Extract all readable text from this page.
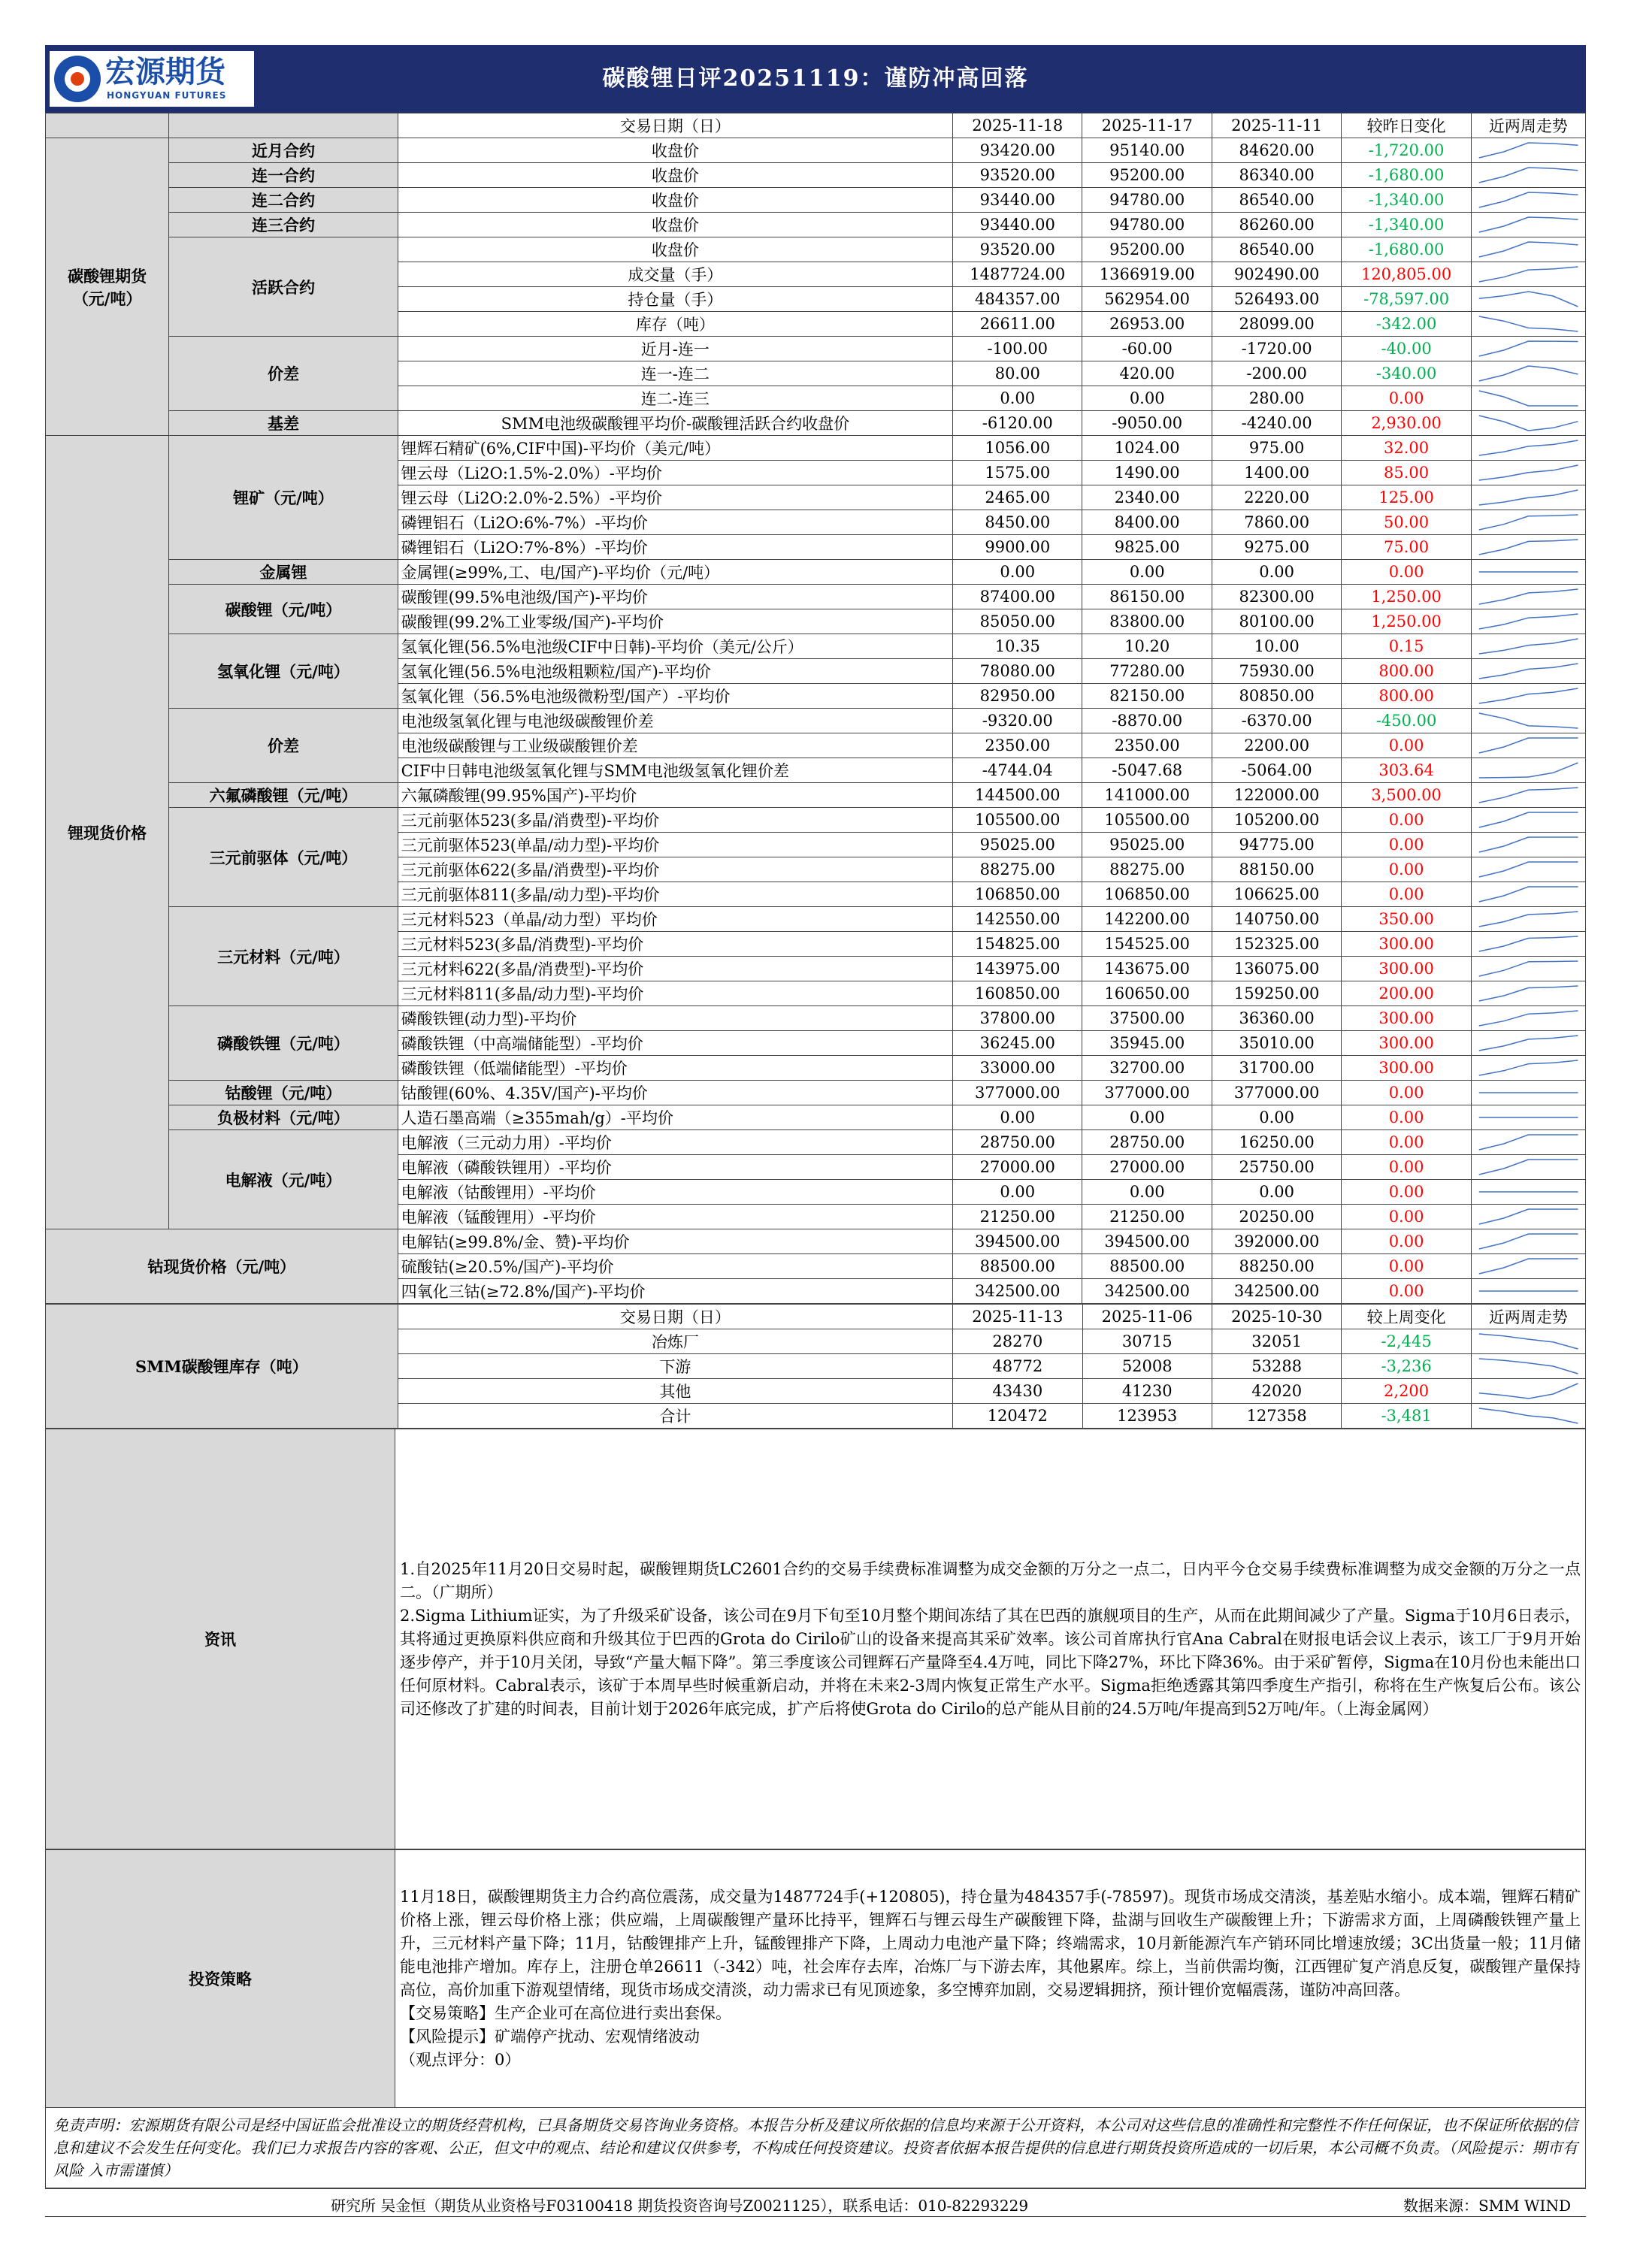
宏源期货
HONGYUAN FUTURES
碳酸锂日评20251119：谨防冲高回落
		交易日期（日）	2025-11-18	2025-11-17	2025-11-11	较昨日变化	近两周走势
碳酸锂期货
（元/吨）	近月合约	收盘价	93420.00	95140.00	84620.00	-1,720.00	

	连一合约	收盘价	93520.00	95200.00	86340.00	-1,680.00	

	连二合约	收盘价	93440.00	94780.00	86540.00	-1,340.00	

	连三合约	收盘价	93440.00	94780.00	86260.00	-1,340.00	

	活跃合约	收盘价	93520.00	95200.00	86540.00	-1,680.00	

		成交量（手）	1487724.00	1366919.00	902490.00	120,805.00	

		持仓量（手）	484357.00	562954.00	526493.00	-78,597.00	

		库存（吨）	26611.00	26953.00	28099.00	-342.00	

	价差	近月-连一	-100.00	-60.00	-1720.00	-40.00	

		连一-连二	80.00	420.00	-200.00	-340.00	

		连二-连三	0.00	0.00	280.00	0.00	

	基差	SMM电池级碳酸锂平均价-碳酸锂活跃合约收盘价	-6120.00	-9050.00	-4240.00	2,930.00	

锂现货价格	锂矿（元/吨）	锂辉石精矿(6%,CIF中国)-平均价（美元/吨）	1056.00	1024.00	975.00	32.00	

		锂云母（Li2O:1.5%-2.0%）-平均价	1575.00	1490.00	1400.00	85.00	

		锂云母（Li2O:2.0%-2.5%）-平均价	2465.00	2340.00	2220.00	125.00	

		磷锂铝石（Li2O:6%-7%）-平均价	8450.00	8400.00	7860.00	50.00	

		磷锂铝石（Li2O:7%-8%）-平均价	9900.00	9825.00	9275.00	75.00	

	金属锂	金属锂(≥99%,工、电/国产)-平均价（元/吨）	0.00	0.00	0.00	0.00	

	碳酸锂（元/吨）	碳酸锂(99.5%电池级/国产)-平均价	87400.00	86150.00	82300.00	1,250.00	

		碳酸锂(99.2%工业零级/国产)-平均价	85050.00	83800.00	80100.00	1,250.00	

	氢氧化锂（元/吨）	氢氧化锂(56.5%电池级CIF中日韩)-平均价（美元/公斤）	10.35	10.20	10.00	0.15	

		氢氧化锂(56.5%电池级粗颗粒/国产)-平均价	78080.00	77280.00	75930.00	800.00	

		氢氧化锂（56.5%电池级微粉型/国产）-平均价	82950.00	82150.00	80850.00	800.00	

	价差	电池级氢氧化锂与电池级碳酸锂价差	-9320.00	-8870.00	-6370.00	-450.00	

		电池级碳酸锂与工业级碳酸锂价差	2350.00	2350.00	2200.00	0.00	

		CIF中日韩电池级氢氧化锂与SMM电池级氢氧化锂价差	-4744.04	-5047.68	-5064.00	303.64	

	六氟磷酸锂（元/吨）	六氟磷酸锂(99.95%国产)-平均价	144500.00	141000.00	122000.00	3,500.00	

	三元前驱体（元/吨）	三元前驱体523(多晶/消费型)-平均价	105500.00	105500.00	105200.00	0.00	

		三元前驱体523(单晶/动力型)-平均价	95025.00	95025.00	94775.00	0.00	

		三元前驱体622(多晶/消费型)-平均价	88275.00	88275.00	88150.00	0.00	

		三元前驱体811(多晶/动力型)-平均价	106850.00	106850.00	106625.00	0.00	

	三元材料（元/吨）	三元材料523（单晶/动力型）平均价	142550.00	142200.00	140750.00	350.00	

		三元材料523(多晶/消费型)-平均价	154825.00	154525.00	152325.00	300.00	

		三元材料622(多晶/消费型)-平均价	143975.00	143675.00	136075.00	300.00	

		三元材料811(多晶/动力型)-平均价	160850.00	160650.00	159250.00	200.00	

	磷酸铁锂（元/吨）	磷酸铁锂(动力型)-平均价	37800.00	37500.00	36360.00	300.00	

		磷酸铁锂（中高端储能型）-平均价	36245.00	35945.00	35010.00	300.00	

		磷酸铁锂（低端储能型）-平均价	33000.00	32700.00	31700.00	300.00	

	钴酸锂（元/吨）	钴酸锂(60%、4.35V/国产)-平均价	377000.00	377000.00	377000.00	0.00	

	负极材料（元/吨）	人造石墨高端（≥355mah/g）-平均价	0.00	0.00	0.00	0.00	

	电解液（元/吨）	电解液（三元动力用）-平均价	28750.00	28750.00	16250.00	0.00	

		电解液（磷酸铁锂用）-平均价	27000.00	27000.00	25750.00	0.00	

		电解液（钴酸锂用）-平均价	0.00	0.00	0.00	0.00	

		电解液（锰酸锂用）-平均价	21250.00	21250.00	20250.00	0.00	

钴现货价格（元/吨）		电解钴(≥99.8%/金、赞)-平均价	394500.00	394500.00	392000.00	0.00	

		硫酸钴(≥20.5%/国产)-平均价	88500.00	88500.00	88250.00	0.00	

		四氧化三钴(≥72.8%/国产)-平均价	342500.00	342500.00	342500.00	0.00	
SMM碳酸锂库存（吨）	交易日期（日）	2025-11-13	2025-11-06	2025-10-30	较上周变化	近两周走势
	冶炼厂	28270	30715	32051	-2,445	

	下游	48772	52008	53288	-3,236	

	其他	43430	41230	42020	2,200	

	合计	120472	123953	127358	-3,481	
资讯	
1.自2025年11月20日交易时起，碳酸锂期货LC2601合约的交易手续费标准调整为成交金额的万分之一点二，日内平今仓交易手续费标准调整为成交金额的万分之一点二。（广期所）
2.Sigma Lithium证实，为了升级采矿设备，该公司在9月下旬至10月整个期间冻结了其在巴西的旗舰项目的生产，从而在此期间减少了产量。Sigma于10月6日表示，其将通过更换原料供应商和升级其位于巴西的Grota do Cirilo矿山的设备来提高其采矿效率。该公司首席执行官Ana Cabral在财报电话会议上表示，该工厂于9月开始逐步停产，并于10月关闭，导致“产量大幅下降”。第三季度该公司锂辉石产量降至4.4万吨，同比下降27%，环比下降36%。由于采矿暂停，Sigma在10月份也未能出口任何原材料。Cabral表示，该矿于本周早些时候重新启动，并将在未来2-3周内恢复正常生产水平。Sigma拒绝透露其第四季度生产指引，称将在生产恢复后公布。该公司还修改了扩建的时间表，目前计划于2026年底完成，扩产后将使Grota do Cirilo的总产能从目前的24.5万吨/年提高到52万吨/年。（上海金属网）
投资策略	
11月18日，碳酸锂期货主力合约高位震荡，成交量为1487724手(+120805)，持仓量为484357手(-78597)。现货市场成交清淡，基差贴水缩小。成本端，锂辉石精矿价格上涨，锂云母价格上涨；供应端，上周碳酸锂产量环比持平，锂辉石与锂云母生产碳酸锂下降，盐湖与回收生产碳酸锂上升；下游需求方面，上周磷酸铁锂产量上升，三元材料产量下降；11月，钴酸锂排产上升，锰酸锂排产下降，上周动力电池产量下降；终端需求，10月新能源汽车产销环同比增速放缓；3C出货量一般；11月储能电池排产增加。库存上，注册仓单26611（-342）吨，社会库存去库，冶炼厂与下游去库，其他累库。综上，当前供需均衡，江西锂矿复产消息反复，碳酸锂产量保持高位，高价加重下游观望情绪，现货市场成交清淡，动力需求已有见顶迹象，多空博弈加剧，交易逻辑拥挤，预计锂价宽幅震荡，谨防冲高回落。
【交易策略】生产企业可在高位进行卖出套保。
【风险提示】矿端停产扰动、宏观情绪波动
（观点评分：0）
免责声明：宏源期货有限公司是经中国证监会批准设立的期货经营机构，已具备期货交易咨询业务资格。本报告分析及建议所依据的信息均来源于公开资料，本公司对这些信息的准确性和完整性不作任何保证，也不保证所依据的信息和建议不会发生任何变化。我们已力求报告内容的客观、公正，但文中的观点、结论和建议仅供参考，不构成任何投资建议。投资者依据本报告提供的信息进行期货投资所造成的一切后果，本公司概不负责。（风险提示：期市有风险 入市需谨慎）
研究所 吴金恒（期货从业资格号F03100418 期货投资咨询号Z0021125），联系电话：010-82293229	数据来源：SMM WIND
